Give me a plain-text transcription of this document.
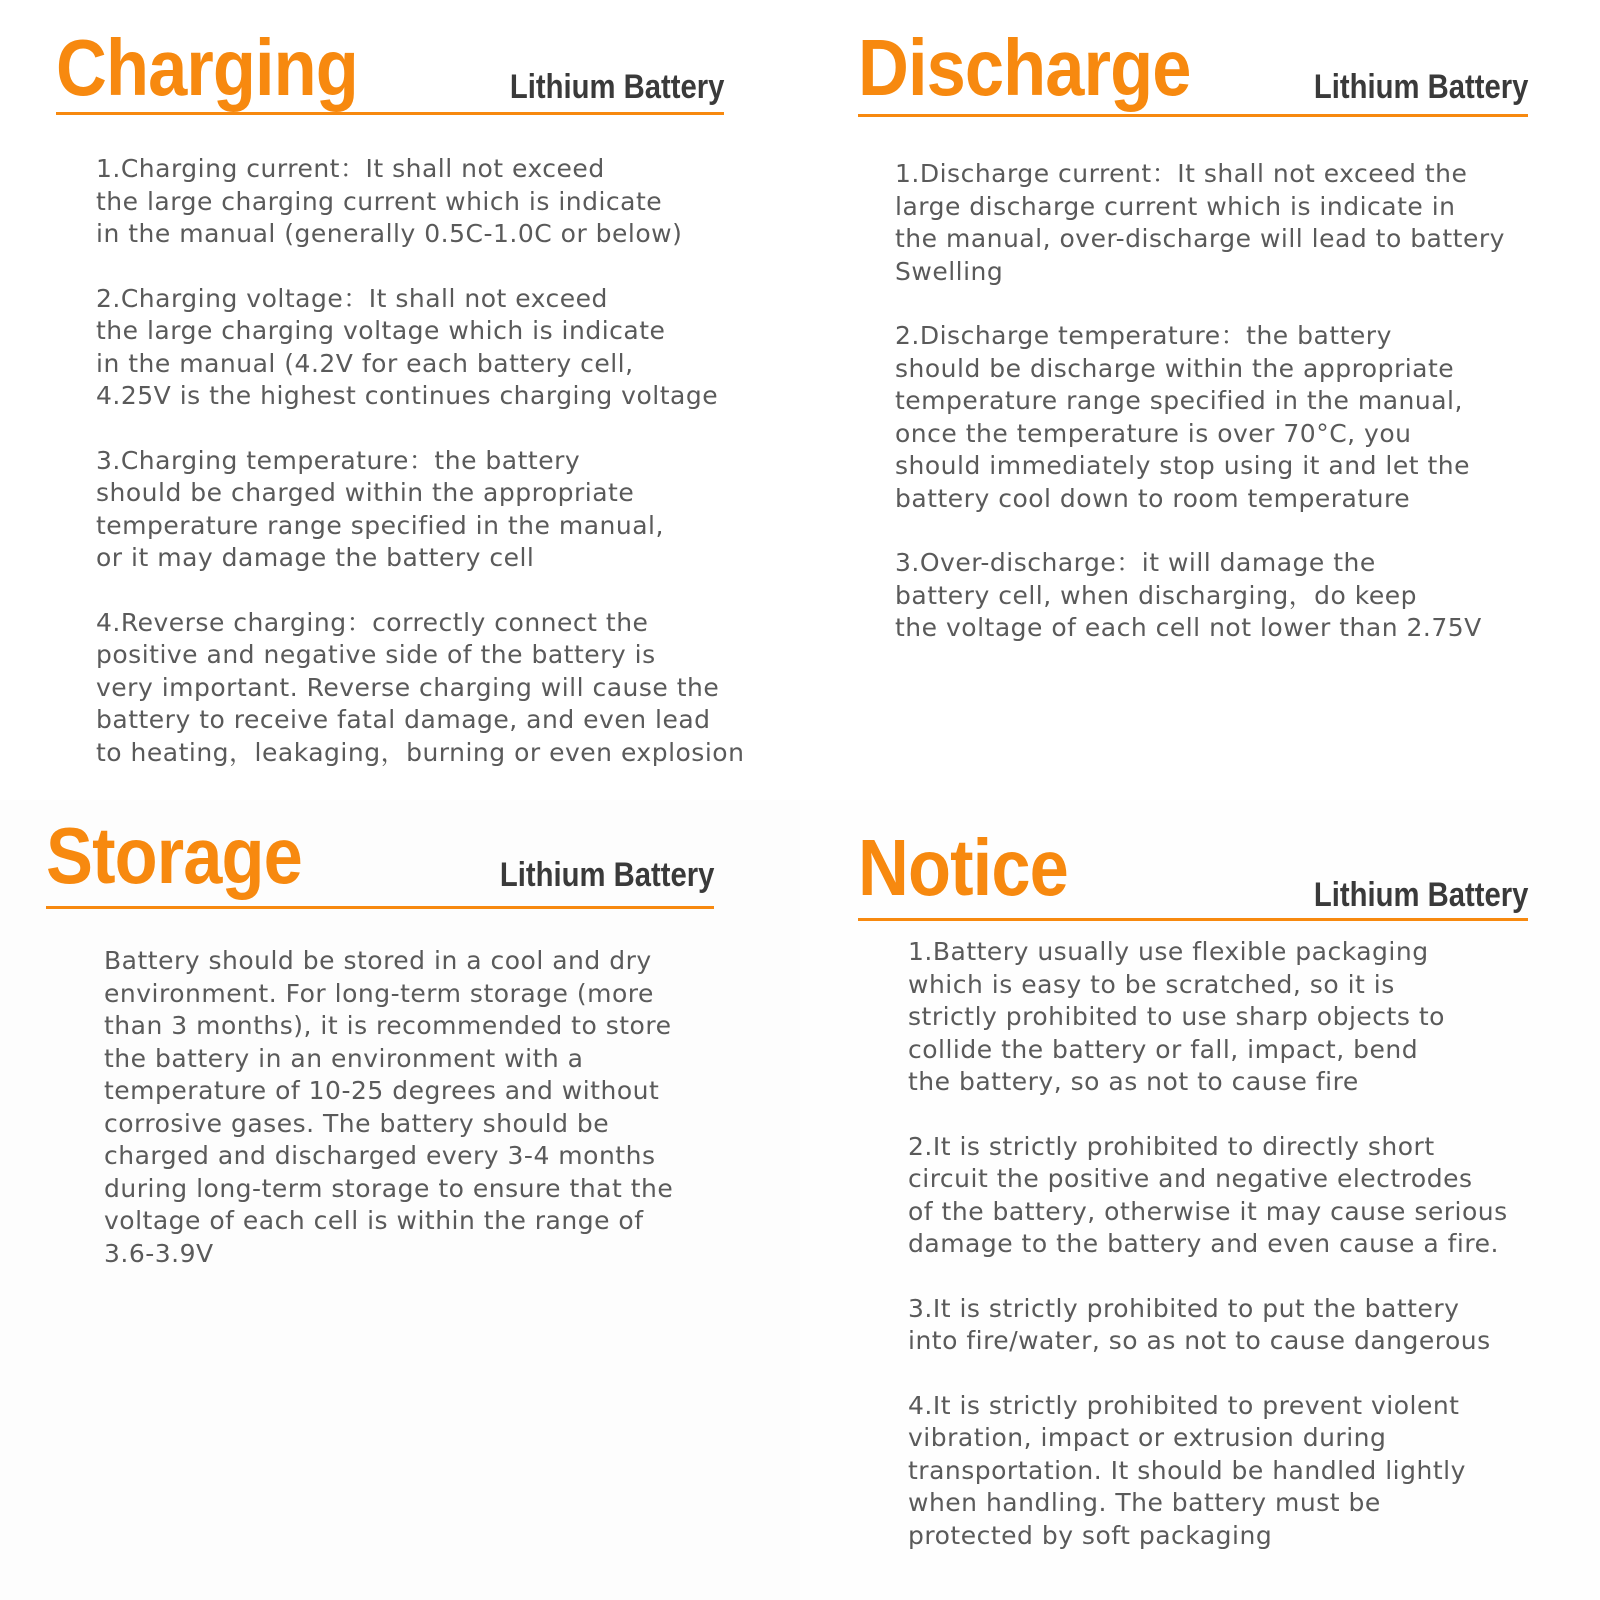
Charging	Lithium Battery

1.Charging current：It shall not exceed
the large charging current which is indicate
in the manual (generally 0.5C-1.0C or below)

2.Charging voltage：It shall not exceed
the large charging voltage which is indicate
in the manual (4.2V for each battery cell,
4.25V is the highest continues charging voltage

3.Charging temperature：the battery
should be charged within the appropriate
temperature range specified in the manual,
or it may damage the battery cell

4.Reverse charging：correctly connect the
positive and negative side of the battery is
very important. Reverse charging will cause the
battery to receive fatal damage, and even lead
to heating，leakaging，burning or even explosion

Discharge	Lithium Battery

1.Discharge current：It shall not exceed the
large discharge current which is indicate in
the manual, over-discharge will lead to battery
Swelling

2.Discharge temperature：the battery
should be discharge within the appropriate
temperature range specified in the manual,
once the temperature is over 70°C, you
should immediately stop using it and let the
battery cool down to room temperature

3.Over-discharge：it will damage the
battery cell, when discharging，do keep
the voltage of each cell not lower than 2.75V

Storage	Lithium Battery

Battery should be stored in a cool and dry
environment. For long-term storage (more
than 3 months), it is recommended to store
the battery in an environment with a
temperature of 10-25 degrees and without
corrosive gases. The battery should be
charged and discharged every 3-4 months
during long-term storage to ensure that the
voltage of each cell is within the range of
3.6-3.9V

Notice	Lithium Battery

1.Battery usually use flexible packaging
which is easy to be scratched, so it is
strictly prohibited to use sharp objects to
collide the battery or fall, impact, bend
the battery, so as not to cause fire

2.It is strictly prohibited to directly short
circuit the positive and negative electrodes
of the battery, otherwise it may cause serious
damage to the battery and even cause a fire.

3.It is strictly prohibited to put the battery
into fire/water, so as not to cause dangerous

4.It is strictly prohibited to prevent violent
vibration, impact or extrusion during
transportation. It should be handled lightly
when handling. The battery must be
protected by soft packaging
